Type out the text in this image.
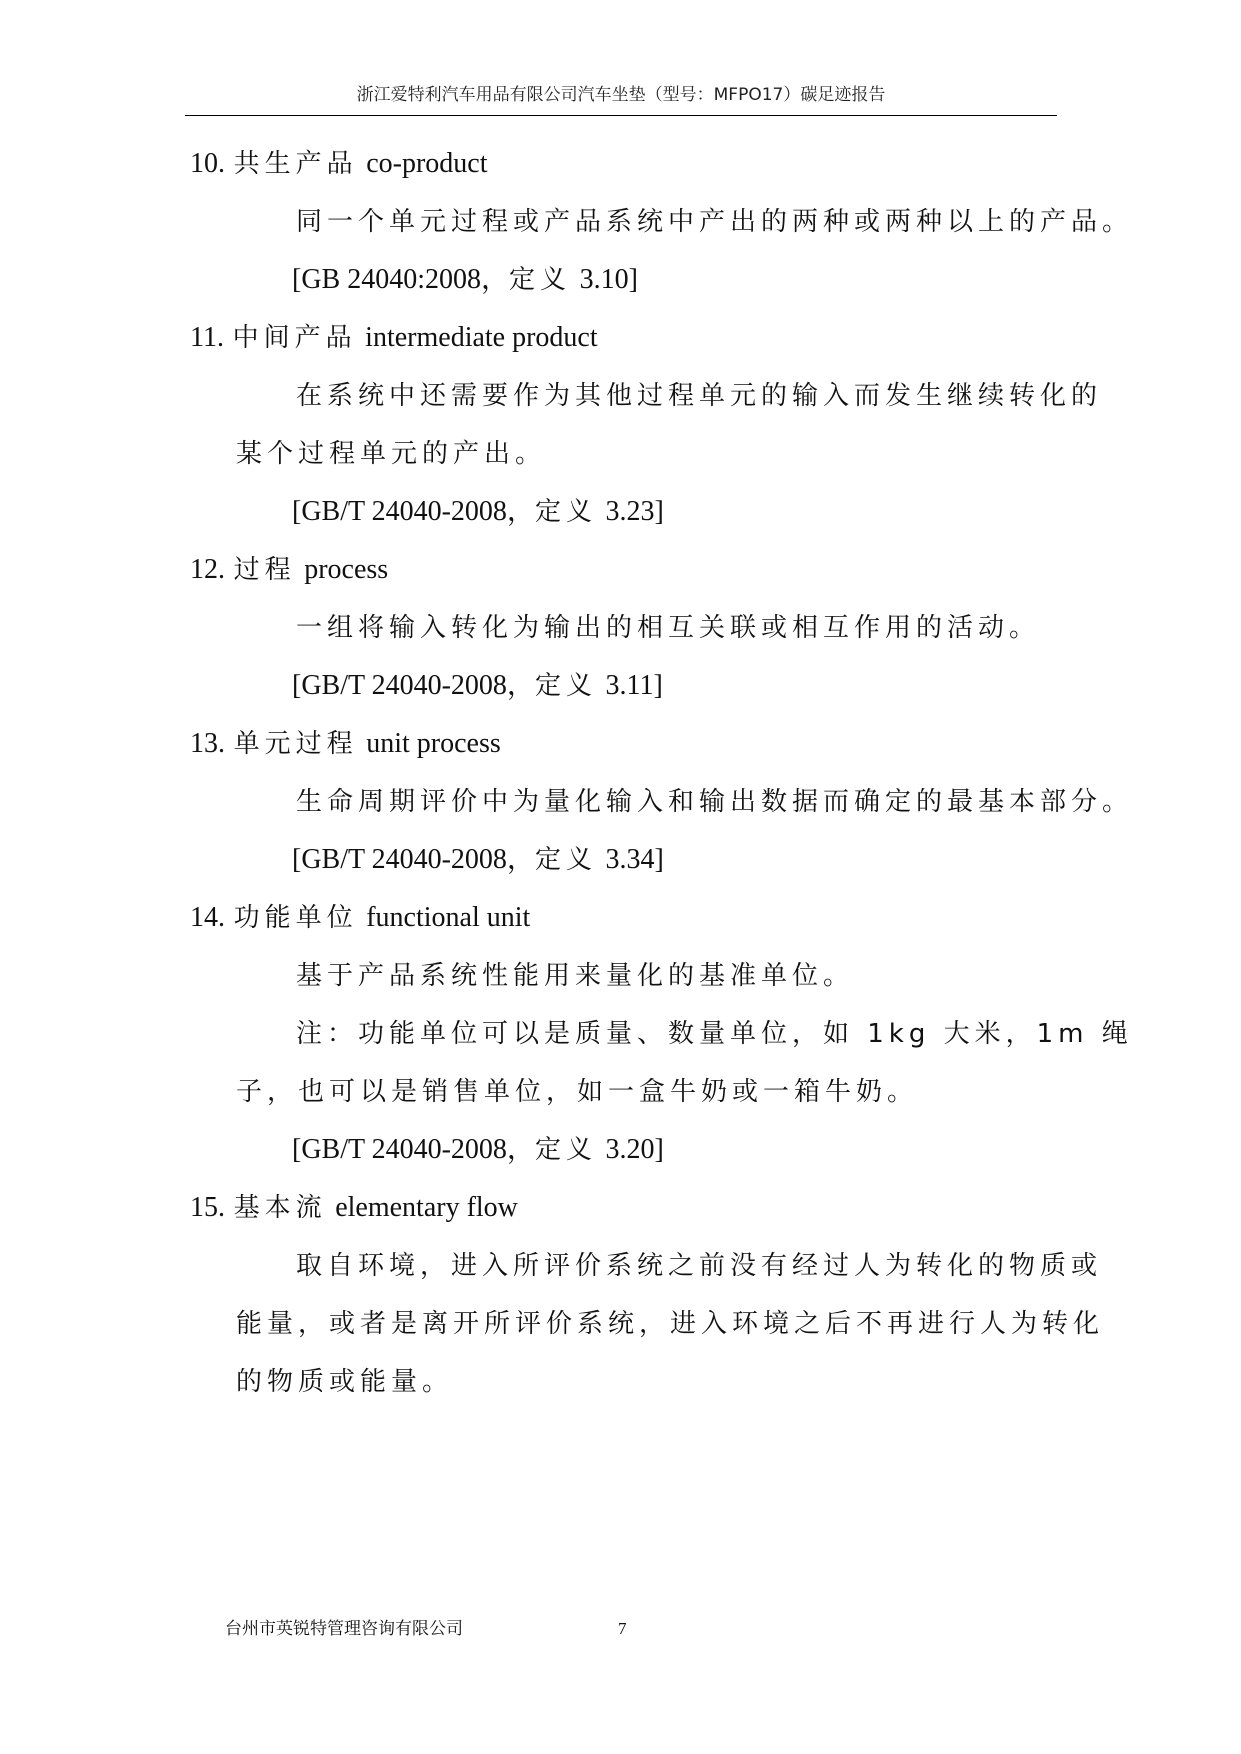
浙江爱特利汽车用品有限公司汽车坐垫（型号：MFPO17）碳足迹报告
10. 共生产品 co-product
同一个单元过程或产品系统中产出的两种或两种以上的产品。
[GB 24040:2008，定义 3.10]
11. 中间产品 intermediate product
在系统中还需要作为其他过程单元的输入而发生继续转化的
某个过程单元的产出。
[GB/T 24040-2008，定义 3.23]
12. 过程 process
一组将输入转化为输出的相互关联或相互作用的活动。
[GB/T 24040-2008，定义 3.11]
13. 单元过程 unit process
生命周期评价中为量化输入和输出数据而确定的最基本部分。
[GB/T 24040-2008，定义 3.34]
14. 功能单位 functional unit
基于产品系统性能用来量化的基准单位。
注：功能单位可以是质量、数量单位，如 1kg 大米，1m 绳
子，也可以是销售单位，如一盒牛奶或一箱牛奶。
[GB/T 24040-2008，定义 3.20]
15. 基本流 elementary flow
取自环境，进入所评价系统之前没有经过人为转化的物质或
能量，或者是离开所评价系统，进入环境之后不再进行人为转化
的物质或能量。
台州市英锐特管理咨询有限公司	7
